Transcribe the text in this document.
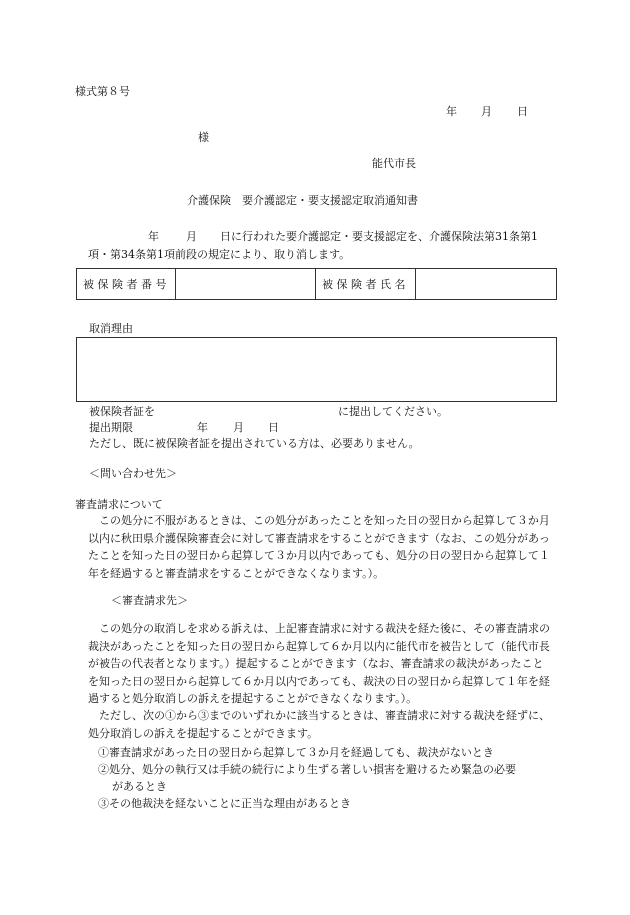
様式第８号
年 月 日
様
能代市長
介護保険　要介護認定・要支援認定取消通知書
年 月 日に行われた要介護認定・要支援認定を、介護保険法第31条第1
項・第34条第1項前段の規定により、取り消します。
被 保 険 者 番 号		被 保 険 者 氏 名	
取消理由
被保険者証を	に提出してください。
提出期限	年 月 日
ただし、既に被保険者証を提出されている方は、必要ありません。
＜問い合わせ先＞
審査請求について
　この処分に不服があるときは、この処分があったことを知った日の翌日から起算して３か月以内に秋田県介護保険審査会に対して審査請求をすることができます（なお、この処分があったことを知った日の翌日から起算して３か月以内であっても、処分の日の翌日から起算して１年を経過すると審査請求をすることができなくなります。）。
＜審査請求先＞
　この処分の取消しを求める訴えは、上記審査請求に対する裁決を経た後に、その審査請求の裁決があったことを知った日の翌日から起算して６か月以内に能代市を被告として（能代市長が被告の代表者となります。）提起することができます（なお、審査請求の裁決があったことを知った日の翌日から起算して６か月以内であっても、裁決の日の翌日から起算して１年を経過すると処分取消しの訴えを提起することができなくなります。）。
　ただし、次の①から③までのいずれかに該当するときは、審査請求に対する裁決を経ずに、処分取消しの訴えを提起することができます。
①審査請求があった日の翌日から起算して３か月を経過しても、裁決がないとき
②処分、処分の執行又は手続の続行により生ずる著しい損害を避けるため緊急の必要
があるとき
③その他裁決を経ないことに正当な理由があるとき
